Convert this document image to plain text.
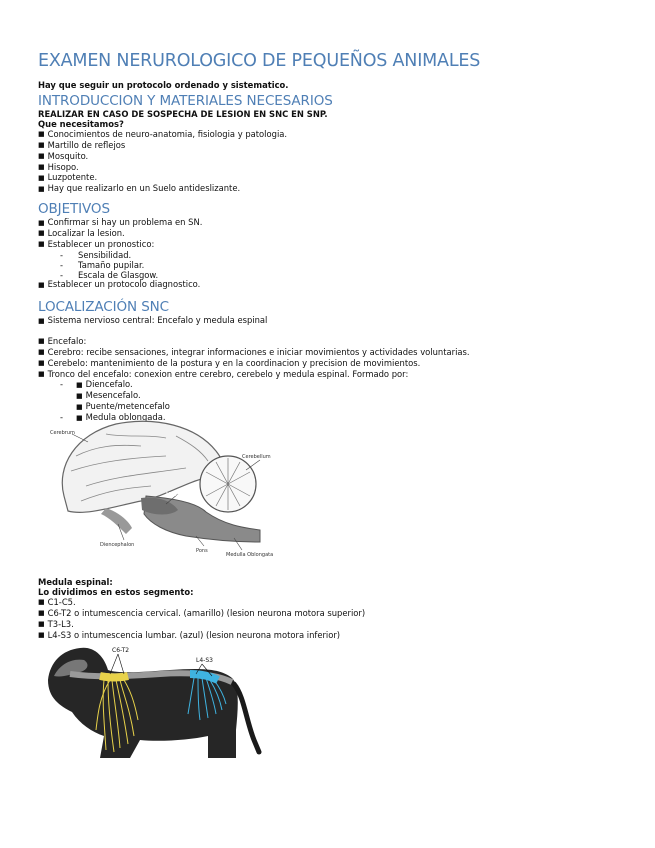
EXAMEN NERUROLOGICO DE PEQUEÑOS ANIMALES
Hay que seguir un protocolo ordenado y sistematico.
INTRODUCCION Y MATERIALES NECESARIOS
REALIZAR EN CASO DE SOSPECHA DE LESION EN SNC EN SNP.
Que necesitamos?
■ Conocimientos de neuro-anatomia, fisiologia y patologia.
■ Martillo de reflejos
■ Mosquito.
■ Hisopo.
■ Luzpotente.
■ Hay que realizarlo en un Suelo antideslizante.
OBJETIVOS
■ Confirmar si hay un problema en SN.
■ Localizar la lesion.
■ Establecer un pronostico:
- Sensibilidad.
- Tamaño pupilar.
- Escala de Glasgow.
■ Establecer un protocolo diagnostico.
LOCALIZACIÓN SNC
■ Sistema nervioso central: Encefalo y medula espinal
■ Encefalo:
■ Cerebro: recibe sensaciones, integrar informaciones e iniciar movimientos y actividades voluntarias.
■ Cerebelo: mantenimiento de la postura y en la coordinacion y precision de movimientos.
■ Tronco del encefalo: conexion entre cerebro, cerebelo y medula espinal. Formado por:
-	■ Diencefalo.
■ Mesencefalo.
■ Puente/metencefalo
-	■ Medula oblongada.
Cerebrum
Cerebellum
Midbrain
Diencephalon
Pons
Medulla Oblongata
Medula espinal:
Lo dividimos en estos segmento:
■ C1-C5.
■ C6-T2 o intumescencia cervical. (amarillo) (lesion neurona motora superior)
■ T3-L3.
■ L4-S3 o intumescencia lumbar. (azul) (lesion neurona motora inferior)
C6-T2
L4-S3
